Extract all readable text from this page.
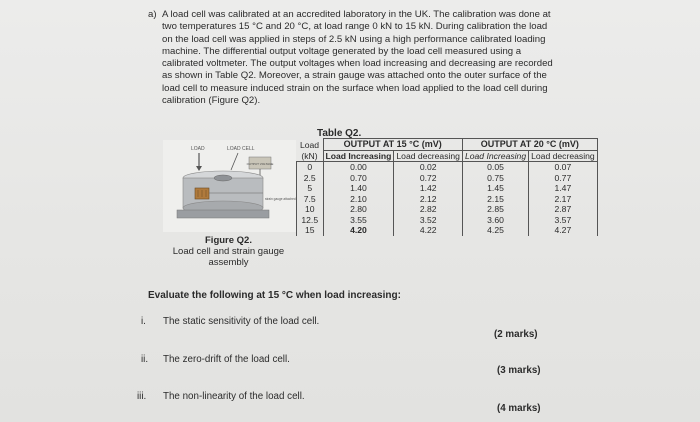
a) A load cell was calibrated at an accredited laboratory in the UK. The calibration was done at two temperatures 15 °C and 20 °C, at load range 0 kN to 15 kN. During calibration the load on the load cell was applied in steps of 2.5 kN using a high performance calibrated loading machine. The differential output voltage generated by the load cell measured using a calibrated voltmeter. The output voltages when load increasing and decreasing are recorded as shown in Table Q2. Moreover, a strain gauge was attached onto the outer surface of the load cell to measure induced strain on the surface when load applied to the load cell during calibration (Figure Q2).
Table Q2.
LOAD	LOAD CELL
OUTPUT VOLTAGE
strain gauge attached
Figure Q2.
Load cell and strain gauge assembly
Load (kN)	OUTPUT AT 15 °C (mV)		OUTPUT AT 20 °C (mV)	
	Load Increasing	Load decreasing	Load Increasing	Load decreasing
0	0.00	0.02	0.05	0.07
2.5	0.70	0.72	0.75	0.77
5	1.40	1.42	1.45	1.47
7.5	2.10	2.12	2.15	2.17
10	2.80	2.82	2.85	2.87
12.5	3.55	3.52	3.60	3.57
15	4.20	4.22	4.25	4.27
Evaluate the following at 15 °C when load increasing:
i. The static sensitivity of the load cell.
(2 marks)
ii. The zero-drift of the load cell.
(3 marks)
iii. The non-linearity of the load cell.
(4 marks)
